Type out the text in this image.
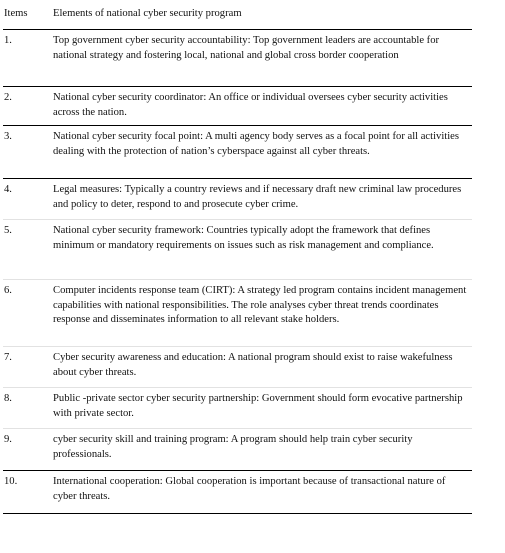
Items	Elements of national cyber security program
1.	Top government cyber security accountability: Top government leaders are accountable for national strategy and fostering local, national and global cross border cooperation
2.	National cyber security coordinator: An office or individual oversees cyber security activities across the nation.
3.	National cyber security focal point: A multi agency body serves as a focal point for all activities dealing with the protection of nation’s cyberspace against all cyber threats.
4.	Legal measures: Typically a country reviews and if necessary draft new criminal law procedures and policy to deter, respond to and prosecute cyber crime.
5.	National cyber security framework: Countries typically adopt the framework that defines minimum or mandatory requirements on issues such as risk management and compliance.
6.	Computer incidents response team (CIRT): A strategy led program contains incident management capabilities with national responsibilities. The role analyses cyber threat trends coordinates response and disseminates information to all relevant stake holders.
7.	Cyber security awareness and education: A national program should exist to raise wakefulness about cyber threats.
8.	Public -private sector cyber security partnership: Government should form evocative partnership with private sector.
9.	cyber security skill and training program: A program should help train cyber security professionals.
10.	International cooperation: Global cooperation is important because of transactional nature of cyber threats.
